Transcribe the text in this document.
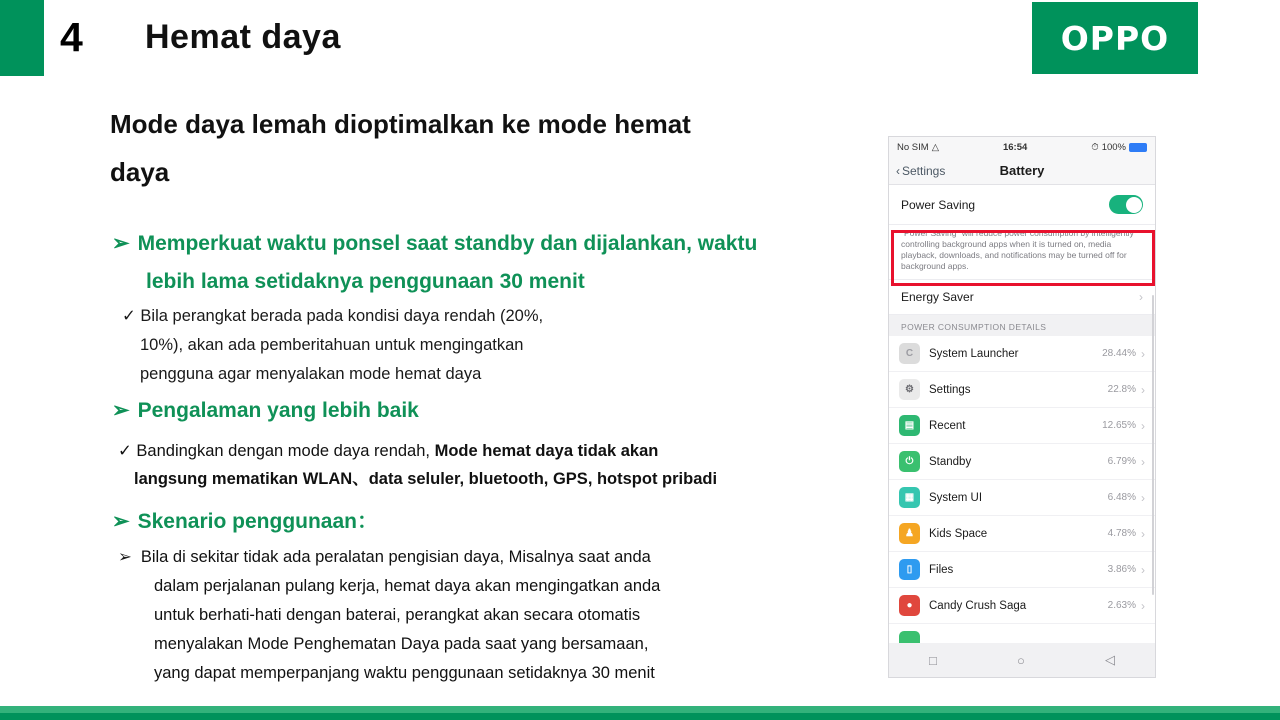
4 Hemat daya	OPPO
Mode daya lemah dioptimalkan ke mode hemat daya
➢ Memperkuat waktu ponsel saat standby dan dijalankan, waktu
lebih lama setidaknya penggunaan 30 menit
✓ Bila perangkat berada pada kondisi daya rendah (20%,
10%), akan ada pemberitahuan untuk mengingatkan
pengguna agar menyalakan mode hemat daya
➢ Pengalaman yang lebih baik
✓ Bandingkan dengan mode daya rendah, Mode hemat daya tidak akan
langsung mematikan WLAN、data seluler, bluetooth, GPS, hotspot pribadi
➢ Skenario penggunaan：
➢ Bila di sekitar tidak ada peralatan pengisian daya, Misalnya saat anda
dalam perjalanan pulang kerja, hemat daya akan mengingatkan anda
untuk berhati-hati dengan baterai, perangkat akan secara otomatis
menyalakan Mode Penghematan Daya pada saat yang bersamaan,
yang dapat memperpanjang waktu penggunaan setidaknya 30 menit
No SIM △	16:54	⏱ 100%
‹ Settings	Battery
Power Saving
"Power Saving" will reduce power consumption by intelligently controlling background apps when it is turned on, media playback, downloads, and notifications may be turned off for background apps.
Energy Saver	›
POWER CONSUMPTION DETAILS
C	System Launcher	28.44% ›
⚙	Settings	22.8% ›
▤	Recent	12.65% ›
⏻	Standby	6.79% ›
▦	System UI	6.48% ›
♟	Kids Space	4.78% ›
▯	Files	3.86% ›
●	Candy Crush Saga	2.63% ›
□	○	◁
